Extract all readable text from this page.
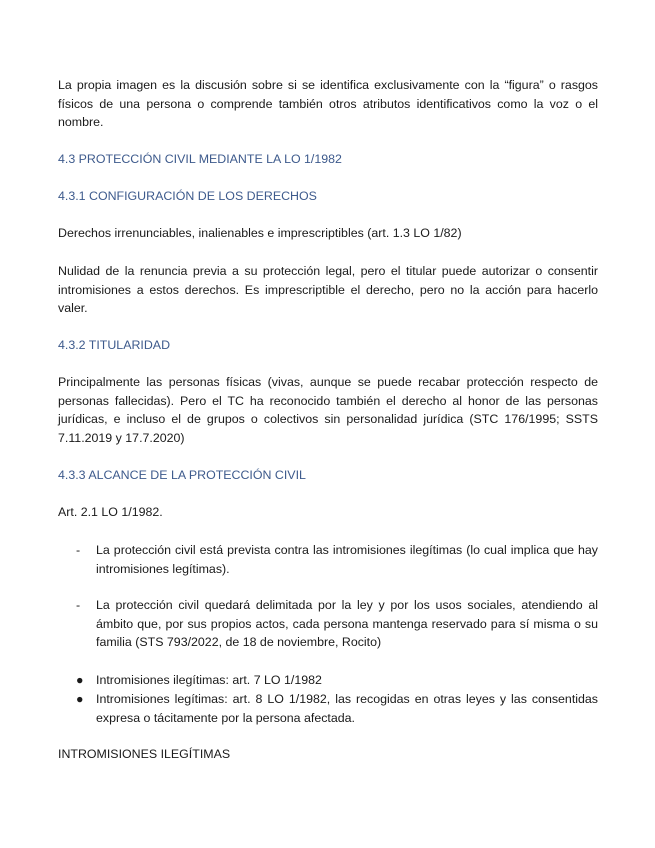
La propia imagen es la discusión sobre si se identifica exclusivamente con la “figura” o rasgos físicos de una persona o comprende también otros atributos identificativos como la voz o el nombre.

4.3 PROTECCIÓN CIVIL MEDIANTE LA LO 1/1982

4.3.1 CONFIGURACIÓN DE LOS DERECHOS

Derechos irrenunciables, inalienables e imprescriptibles (art. 1.3 LO 1/82)

Nulidad de la renuncia previa a su protección legal, pero el titular puede autorizar o consentir intromisiones a estos derechos. Es imprescriptible el derecho, pero no la acción para hacerlo valer.

4.3.2 TITULARIDAD

Principalmente las personas físicas (vivas, aunque se puede recabar protección respecto de personas fallecidas). Pero el TC ha reconocido también el derecho al honor de las personas jurídicas, e incluso el de grupos o colectivos sin personalidad jurídica (STC 176/1995; SSTS 7.11.2019 y 17.7.2020)

4.3.3 ALCANCE DE LA PROTECCIÓN CIVIL

Art. 2.1 LO 1/1982.

-	La protección civil está prevista contra las intromisiones ilegítimas (lo cual implica que hay intromisiones legítimas).
-	La protección civil quedará delimitada por la ley y por los usos sociales, atendiendo al ámbito que, por sus propios actos, cada persona mantenga reservado para sí misma o su familia (STS 793/2022, de 18 de noviembre, Rocito)
●	Intromisiones ilegítimas: art. 7 LO 1/1982
●	Intromisiones legítimas: art. 8 LO 1/1982, las recogidas en otras leyes y las consentidas expresa o tácitamente por la persona afectada.

INTROMISIONES ILEGÍTIMAS
